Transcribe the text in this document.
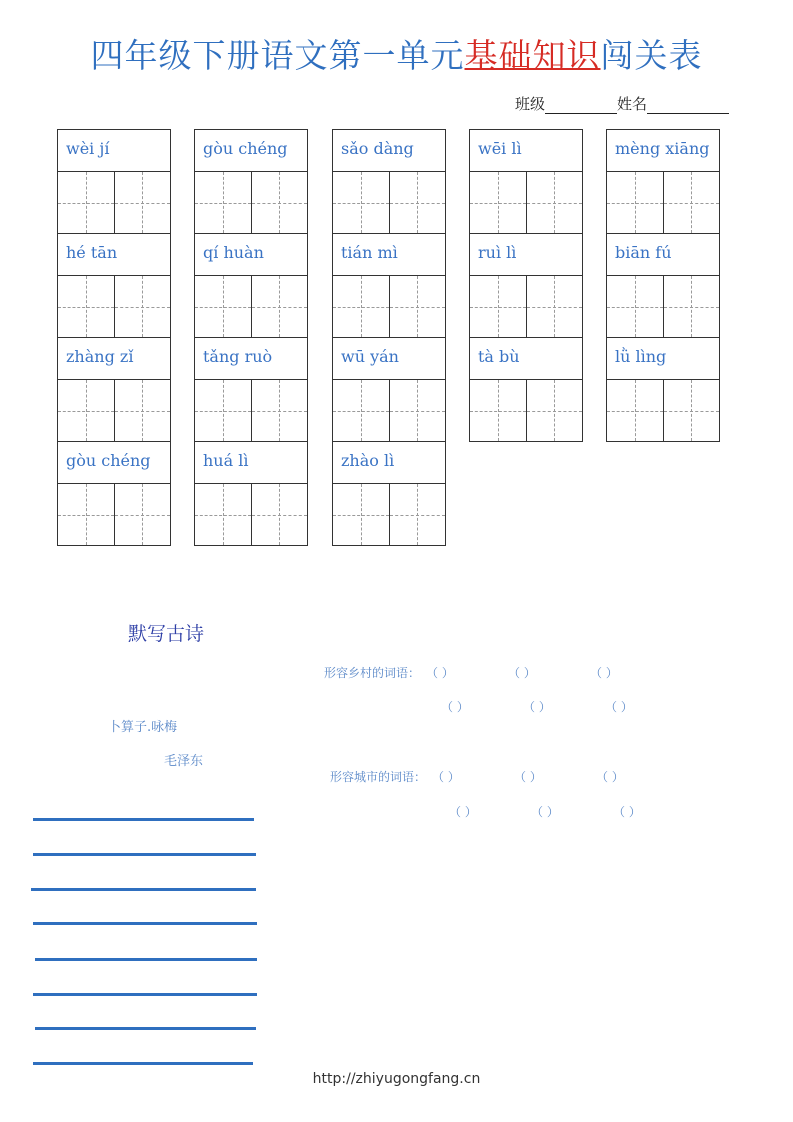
四年级下册语文第一单元基础知识闯关表
班级	姓名
wèi jí
hé tān
zhàng zǐ
gòu chéng
gòu chéng
qí huàn
tǎng ruò
huá lì
sǎo dàng
tián mì
wū yán
zhào lì
wēi lì
ruì lì
tà bù
mèng xiāng
biān fú
lǜ lìng
默写古诗
卜算子.咏梅
毛泽东
形容乡村的词语： （ ）	（ ）	（ ）
（ ）	（ ）	（ ）
形容城市的词语： （ ）	（ ）	（ ）
（ ）	（ ）	（ ）
http://zhiyugongfang.cn
